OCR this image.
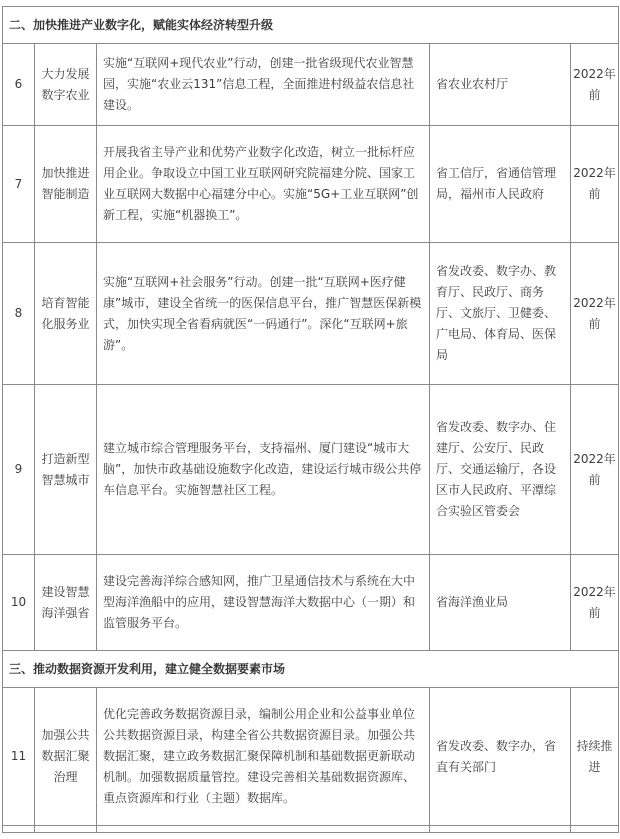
二、加快推进产业数字化，赋能实体经济转型升级				
6	大力发展数字农业	实施“互联网+现代农业”行动，创建一批省级现代农业智慧园，实施“农业云131”信息工程，全面推进村级益农信息社建设。	省农业农村厅	2022年前
7	加快推进智能制造	开展我省主导产业和优势产业数字化改造，树立一批标杆应用企业。争取设立中国工业互联网研究院福建分院、国家工业互联网大数据中心福建分中心。实施“5G+工业互联网”创新工程，实施“机器换工”。	省工信厅，省通信管理局，福州市人民政府	2022年前
8	培育智能化服务业	实施“互联网+社会服务”行动。创建一批“互联网+医疗健康”城市，建设全省统一的医保信息平台，推广智慧医保新模式，加快实现全省看病就医“一码通行”。深化“互联网+旅游”。	省发改委、数字办、教育厅、民政厅、商务厅、文旅厅、卫健委、广电局、体育局、医保局	2022年前
9	打造新型智慧城市	建立城市综合管理服务平台，支持福州、厦门建设“城市大脑”，加快市政基础设施数字化改造，建设运行城市级公共停车信息平台。实施智慧社区工程。	省发改委、数字办、住建厅、公安厅、民政厅、交通运输厅，各设区市人民政府、平潭综合实验区管委会	2022年前
10	建设智慧海洋强省	建设完善海洋综合感知网，推广卫星通信技术与系统在大中型海洋渔船中的应用，建设智慧海洋大数据中心（一期）和监管服务平台。	省海洋渔业局	2022年前
三、推动数据资源开发利用，建立健全数据要素市场				
11	加强公共数据汇聚治理	优化完善政务数据资源目录，编制公用企业和公益事业单位公共数据资源目录，构建全省公共数据资源目录。加强公共数据汇聚，建立政务数据汇聚保障机制和基础数据更新联动机制。加强数据质量管控。建设完善相关基础数据资源库、重点资源库和行业（主题）数据库。	省发改委、数字办，省直有关部门	持续推进
